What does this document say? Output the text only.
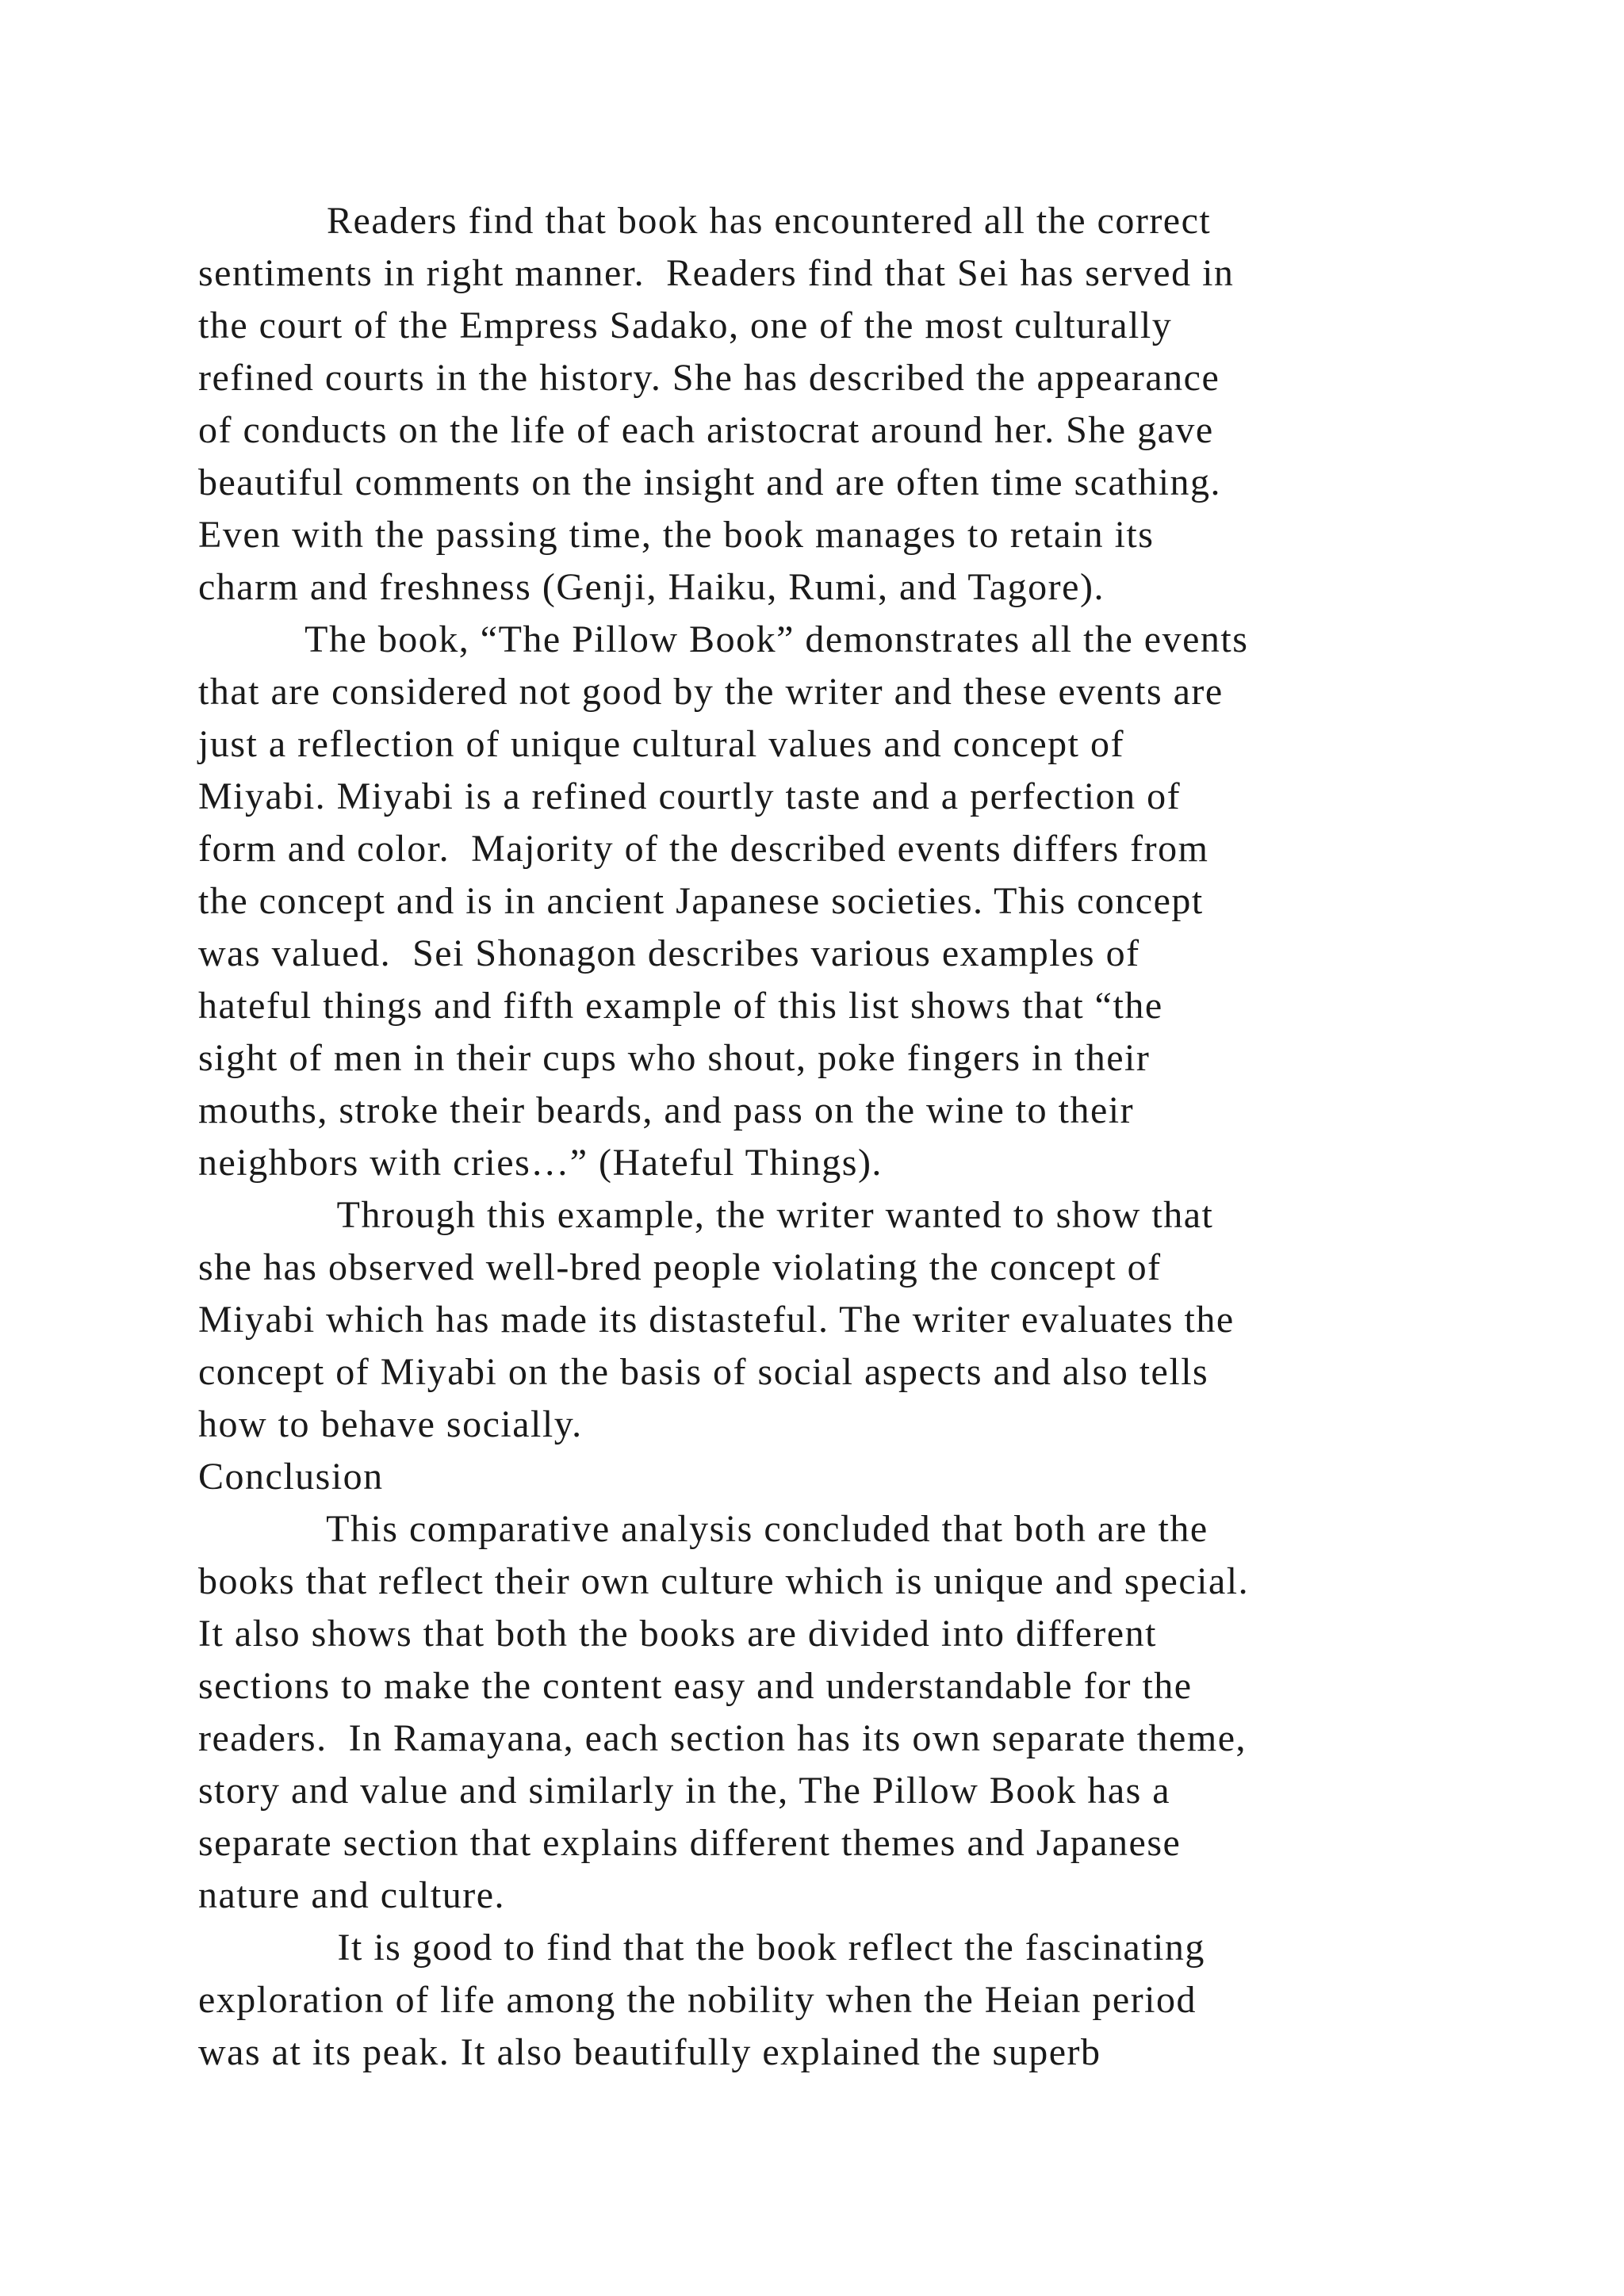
Readers find that book has encountered all the correct
sentiments in right manner.  Readers find that Sei has served in
the court of the Empress Sadako, one of the most culturally
refined courts in the history. She has described the appearance
of conducts on the life of each aristocrat around her. She gave
beautiful comments on the insight and are often time scathing.
Even with the passing time, the book manages to retain its
charm and freshness (Genji, Haiku, Rumi, and Tagore).
The book, “The Pillow Book” demonstrates all the events
that are considered not good by the writer and these events are
just a reflection of unique cultural values and concept of
Miyabi. Miyabi is a refined courtly taste and a perfection of
form and color.  Majority of the described events differs from
the concept and is in ancient Japanese societies. This concept
was valued.  Sei Shonagon describes various examples of
hateful things and fifth example of this list shows that “the
sight of men in their cups who shout, poke fingers in their
mouths, stroke their beards, and pass on the wine to their
neighbors with cries…” (Hateful Things).
Through this example, the writer wanted to show that
she has observed well-bred people violating the concept of
Miyabi which has made its distasteful. The writer evaluates the
concept of Miyabi on the basis of social aspects and also tells
how to behave socially.
Conclusion
This comparative analysis concluded that both are the
books that reflect their own culture which is unique and special.
It also shows that both the books are divided into different
sections to make the content easy and understandable for the
readers.  In Ramayana, each section has its own separate theme,
story and value and similarly in the, The Pillow Book has a
separate section that explains different themes and Japanese
nature and culture.
It is good to find that the book reflect the fascinating
exploration of life among the nobility when the Heian period
was at its peak. It also beautifully explained the superb
